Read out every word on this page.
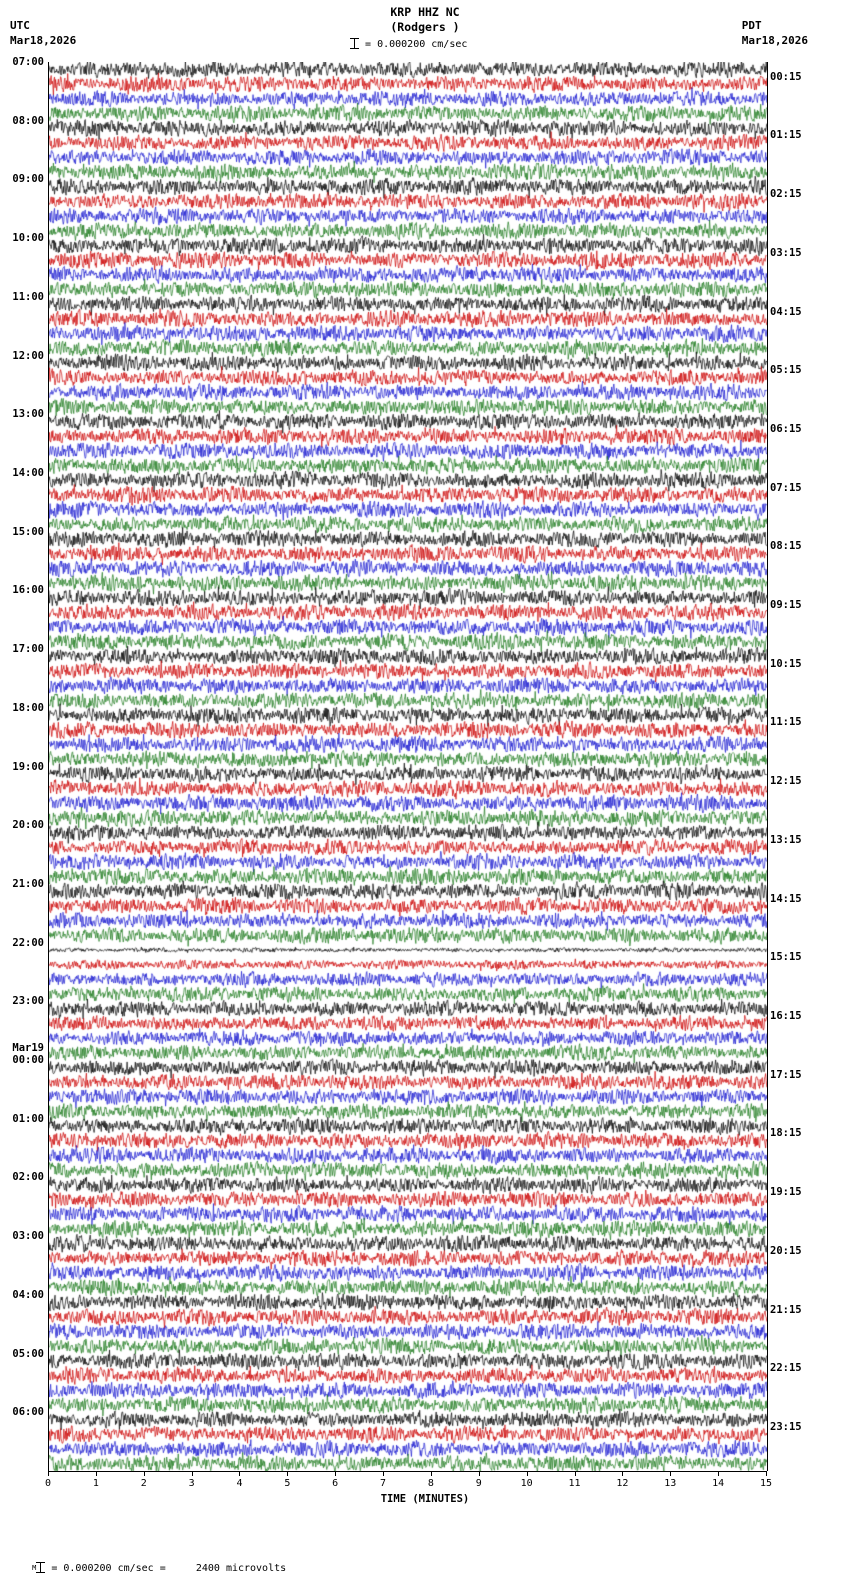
KRP HHZ NC
(Rodgers )
UTC
Mar18,2026
PDT
Mar18,2026
= 0.000200 cm/sec
0	1	2	3	4	5	6	7	8	9	10	11	12	13	14	15
TIME (MINUTES)
07:00
08:00
09:00
10:00
11:00
12:00
13:00
14:00
15:00
16:00
17:00
18:00
19:00
20:00
21:00
22:00
23:00
00:00
Mar19
01:00
02:00
03:00
04:00
05:00
06:00
00:15
01:15
02:15
03:15
04:15
05:15
06:15
07:15
08:15
09:15
10:15
11:15
12:15
13:15
14:15
15:15
16:15
17:15
18:15
19:15
20:15
21:15
22:15
23:15

M = 0.000200 cm/sec =     2400 microvolts
